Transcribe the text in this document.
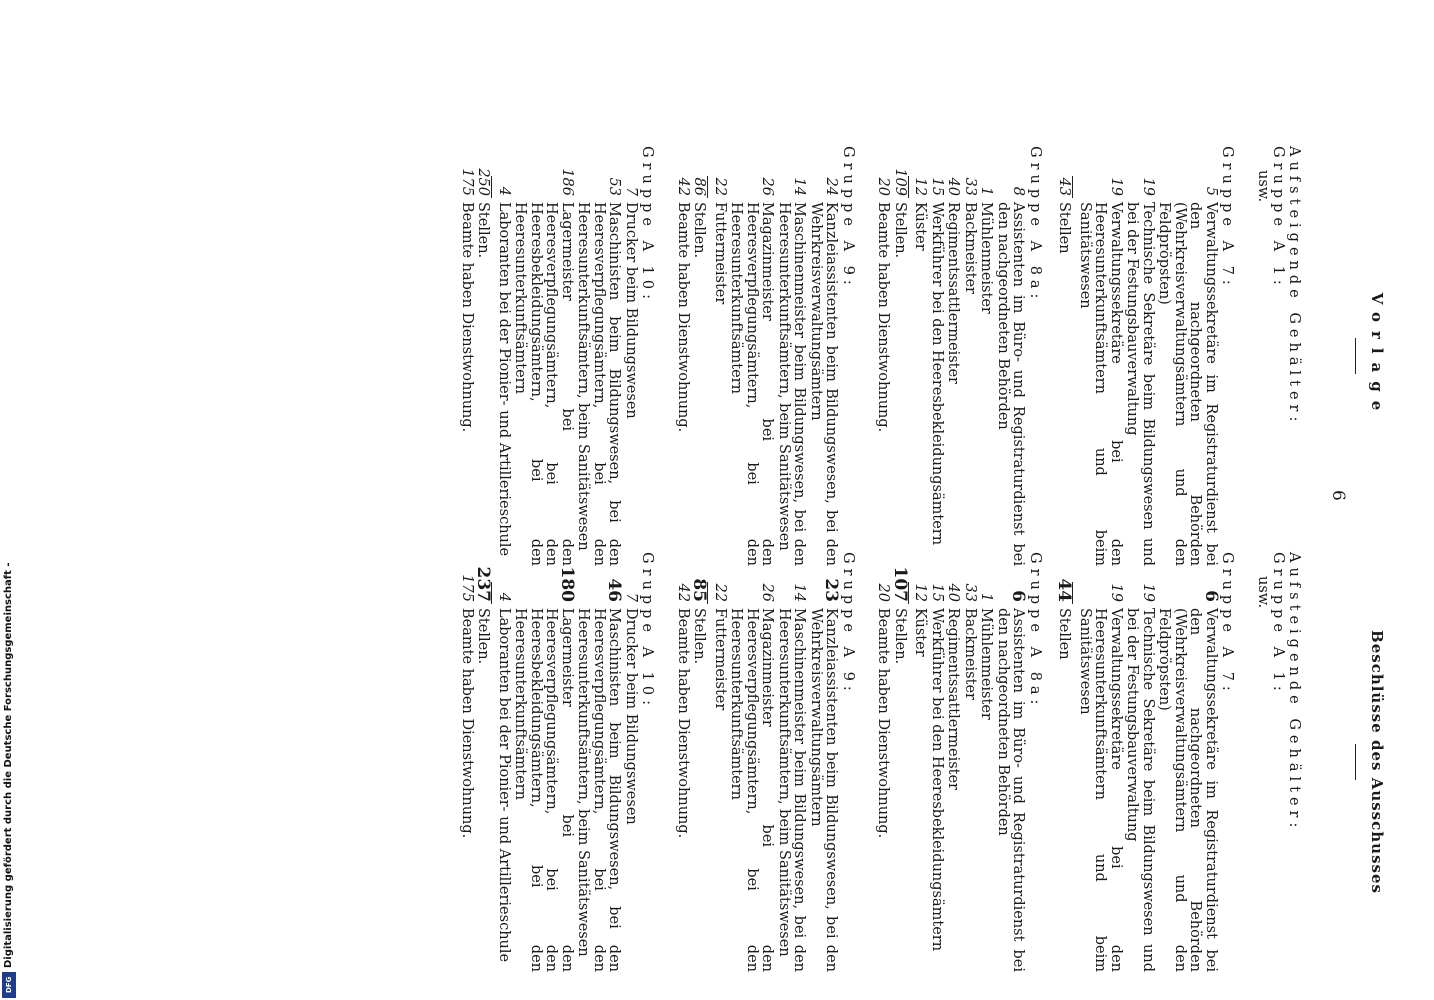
6
Vorlage
Aufsteigende Gehälter:
Gruppe A 1:
usw.
Gruppe A 7:
5
Verwaltungssekretäre im Registraturdienst bei den nachgeordneten Behörden (Wehrkreisverwaltungsämtern und den Feldpröpsten)
19
Technische Sekretäre beim Bildungswesen und bei der Festungsbauverwaltung
19
Verwaltungssekretäre bei den Heeresunterkunftsämtern und beim Sanitätswesen
43
Stellen
Gruppe A 8a:
8
Assistenten im Büro- und Registraturdienst bei den nachgeordneten Behörden
1
Mühlenmeister
33
Backmeister
40
Regimentssattlermeister
15
Werkführer bei den Heeresbekleidungsämtern
12
Küster
109
Stellen.
20
Beamte haben Dienstwohnung.
Gruppe A 9:
24
Kanzleiassistenten beim Bildungswesen, bei den Wehrkreisverwaltungsämtern
14
Maschinenmeister beim Bildungswesen, bei den Heeresunterkunftsämtern, beim Sanitätswesen
26
Magazinmeister bei den Heeresverpflegungsämtern, bei den Heeresunterkunftsämtern
22
Futtermeister
86
Stellen.
42
Beamte haben Dienstwohnung.
Gruppe A 10:
7
Drucker beim Bildungswesen
53
Maschinisten beim Bildungswesen, bei den Heeresverpflegungsämtern, bei den Heeresunterkunftsämtern, beim Sanitätswesen
186
Lagermeister bei den Heeresverpflegungsämtern, bei den Heeresbekleidungsämtern, bei den Heeresunterkunftsämtern
4
Laboranten bei der Pionier- und Artillerieschule
250
Stellen.
175
Beamte haben Dienstwohnung.
Beschlüsse des Ausschusses
Aufsteigende Gehälter:
Gruppe A 1:
usw.
Gruppe A 7:
6
Verwaltungssekretäre im Registraturdienst bei den nachgeordneten Behörden (Wehrkreisverwaltungsämtern und den Feldpröpsten)
19
Technische Sekretäre beim Bildungswesen und bei der Festungsbauverwaltung
19
Verwaltungssekretäre bei den Heeresunterkunftsämtern und beim Sanitätswesen
44
Stellen
Gruppe A 8a:
6
Assistenten im Büro- und Registraturdienst bei den nachgeordneten Behörden
1
Mühlenmeister
33
Backmeister
40
Regimentssattlermeister
15
Werkführer bei den Heeresbekleidungsämtern
12
Küster
107
Stellen.
20
Beamte haben Dienstwohnung.
Gruppe A 9:
23
Kanzleiassistenten beim Bildungswesen, bei den Wehrkreisverwaltungsämtern
14
Maschinenmeister beim Bildungswesen, bei den Heeresunterkunftsämtern, beim Sanitätswesen
26
Magazinmeister bei den Heeresverpflegungsämtern, bei den Heeresunterkunftsämtern
22
Futtermeister
85
Stellen.
42
Beamte haben Dienstwohnung.
Gruppe A 10:
7
Drucker beim Bildungswesen
46
Maschinisten beim Bildungswesen, bei den Heeresverpflegungsämtern, bei den Heeresunterkunftsämtern, beim Sanitätswesen
180
Lagermeister bei den Heeresverpflegungsämtern, bei den Heeresbekleidungsämtern, bei den Heeresunterkunftsämtern
4
Laboranten bei der Pionier- und Artillerieschule
237
Stellen.
175
Beamte haben Dienstwohnung.
Digitalisierung gefördert durch die Deutsche Forschungsgemeinschaft -
DFG
